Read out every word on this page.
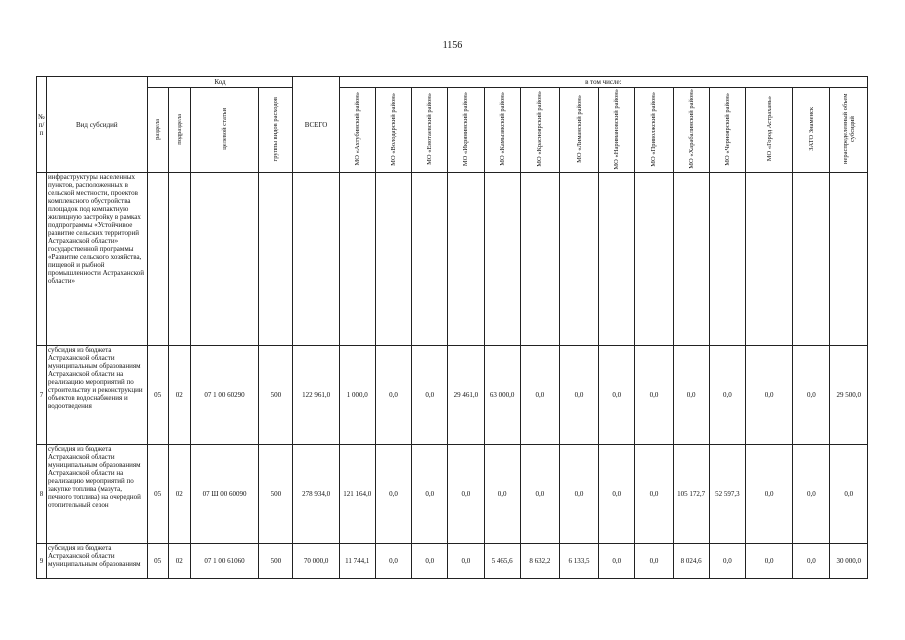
1156
№ п/п	Вид субсидий	Код				ВСЕГО	в том числе:													
		раздела	подраздела	целевой статьи	группы видов расходов		МО «Ахтубинский район»	МО «Володарский район»	МО «Енотаевский район»	МО «Икрянинский район»	МО «Камызякский район»	МО «Красноярский район»	МО «Лиманский район»	МО «Наримановский район»	МО «Приволжский район»	МО «Харабалинский район»	МО «Черноярский район»	МО «Город Астрахань»	ЗАТО Знаменск	нераспределенный объем субсидий
	инфраструктуры населенных пунктов, расположенных в сельской местности, проектов комплексного обустройства площадок под компактную жилищную застройку в рамках подпрограммы «Устойчивое развитие сельских территорий Астраханской области» государственной программы «Развитие сельского хозяйства, пищевой и рыбной промышленности Астраханской области»																			
7	субсидия из бюджета Астраханской области муниципальным образованиям Астраханской области на реализацию мероприятий по строительству и реконструкции объектов водоснабжения и водоотведения	05	02	07 1 00 60290	500	122 961,0	1 000,0	0,0	0,0	29 461,0	63 000,0	0,0	0,0	0,0	0,0	0,0	0,0	0,0	0,0	29 500,0
8	субсидия из бюджета Астраханской области муниципальным образованиям Астраханской области на реализацию мероприятий по закупке топлива (мазута, печного топлива) на очередной отопительный сезон	05	02	07 Ш 00 60090	500	278 934,0	121 164,0	0,0	0,0	0,0	0,0	0,0	0,0	0,0	0,0	105 172,7	52 597,3	0,0	0,0	0,0
9	субсидия из бюджета Астраханской области муниципальным образованиям	05	02	07 1 00 61060	500	70 000,0	11 744,1	0,0	0,0	0,0	5 465,6	8 632,2	6 133,5	0,0	0,0	8 024,6	0,0	0,0	0,0	30 000,0
